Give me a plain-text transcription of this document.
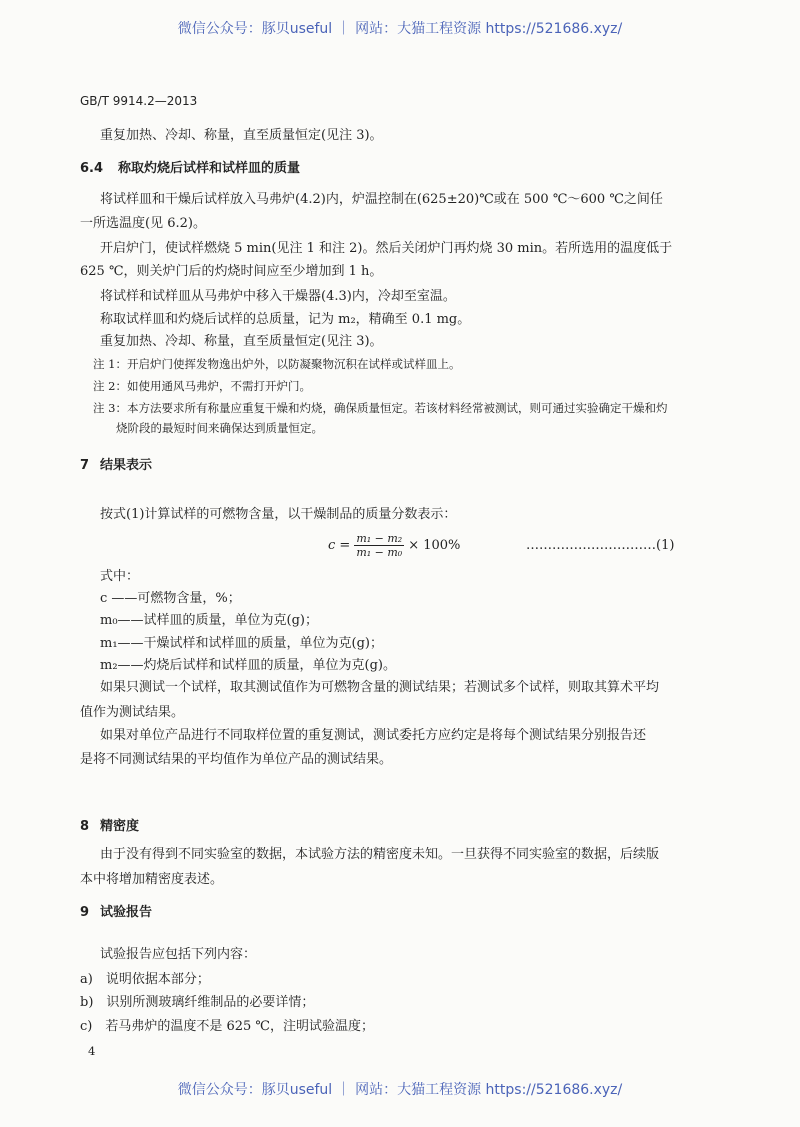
微信公众号：豚贝useful ｜ 网站：大猫工程资源 https://521686.xyz/
GB/T 9914.2—2013
重复加热、冷却、称量，直至质量恒定(见注 3)。
6.4 称取灼烧后试样和试样皿的质量
将试样皿和干燥后试样放入马弗炉(4.2)内，炉温控制在(625±20)℃或在 500 ℃～600 ℃之间任
一所选温度(见 6.2)。
开启炉门，使试样燃烧 5 min(见注 1 和注 2)。然后关闭炉门再灼烧 30 min。若所选用的温度低于
625 ℃，则关炉门后的灼烧时间应至少增加到 1 h。
将试样和试样皿从马弗炉中移入干燥器(4.3)内，冷却至室温。
称取试样皿和灼烧后试样的总质量，记为 m₂，精确至 0.1 mg。
重复加热、冷却、称量，直至质量恒定(见注 3)。
注 1：开启炉门使挥发物逸出炉外，以防凝聚物沉积在试样或试样皿上。
注 2：如使用通风马弗炉，不需打开炉门。
注 3：本方法要求所有称量应重复干燥和灼烧，确保质量恒定。若该材料经常被测试，则可通过实验确定干燥和灼
烧阶段的最短时间来确保达到质量恒定。
7 结果表示
按式(1)计算试样的可燃物含量，以干燥制品的质量分数表示：
$c = \frac{\text{m₁ − m₂}}{\text{m₁ − m₀}} \times 100\%$	…………………………(1)
式中：
c ——可燃物含量，%；
m₀——试样皿的质量，单位为克(g)；
m₁——干燥试样和试样皿的质量，单位为克(g)；
m₂——灼烧后试样和试样皿的质量，单位为克(g)。
如果只测试一个试样，取其测试值作为可燃物含量的测试结果；若测试多个试样，则取其算术平均
值作为测试结果。
如果对单位产品进行不同取样位置的重复测试，测试委托方应约定是将每个测试结果分别报告还
是将不同测试结果的平均值作为单位产品的测试结果。
8 精密度
由于没有得到不同实验室的数据，本试验方法的精密度未知。一旦获得不同实验室的数据，后续版
本中将增加精密度表述。
9 试验报告
试验报告应包括下列内容：
a)　说明依据本部分；
b)　识别所测玻璃纤维制品的必要详情；
c)　若马弗炉的温度不是 625 ℃，注明试验温度；
4
微信公众号：豚贝useful ｜ 网站：大猫工程资源 https://521686.xyz/
